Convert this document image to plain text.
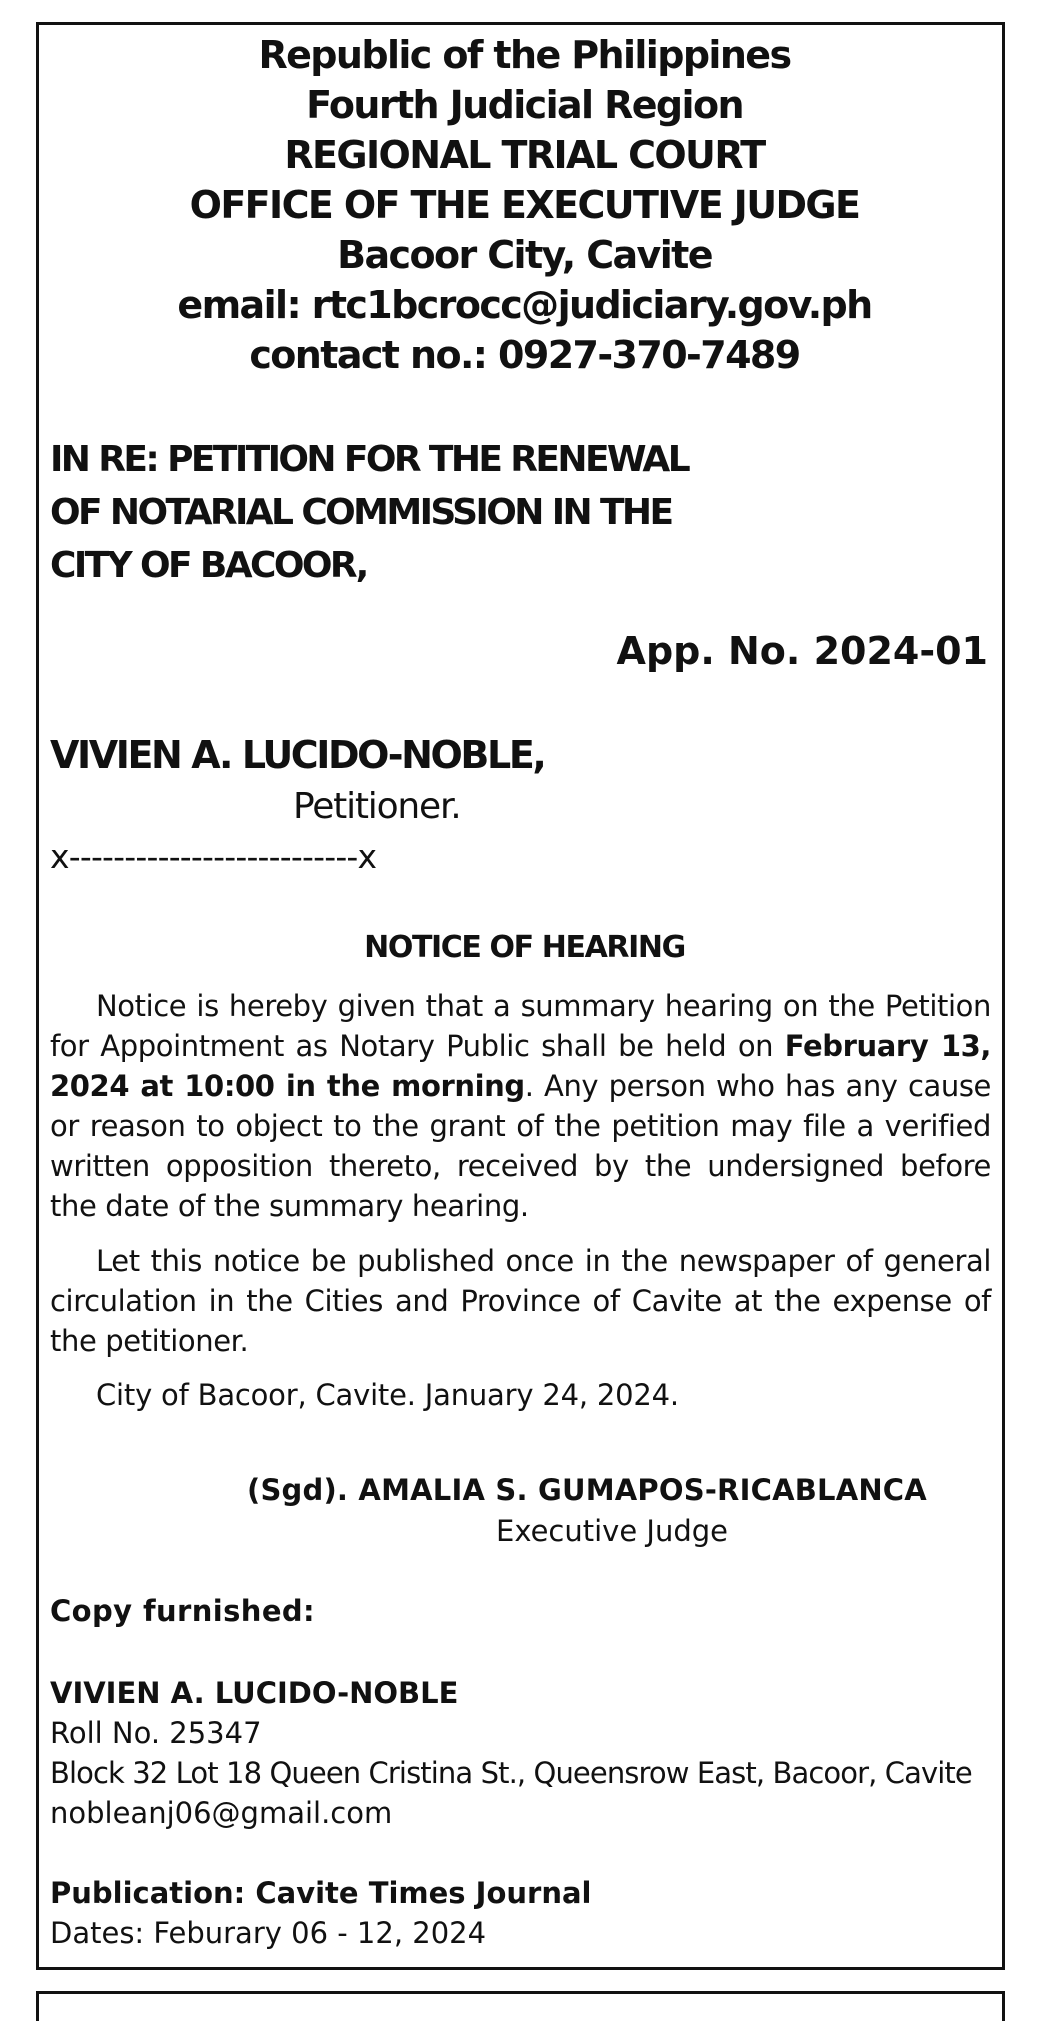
Republic of the Philippines
Fourth Judicial Region
REGIONAL TRIAL COURT
OFFICE OF THE EXECUTIVE JUDGE
Bacoor City, Cavite
email: rtc1bcrocc@judiciary.gov.ph
contact no.: 0927-370-7489
IN RE: PETITION FOR THE RENEWAL
OF NOTARIAL COMMISSION IN THE
CITY OF BACOOR,
App. No. 2024-01
VIVIEN A. LUCIDO-NOBLE,
Petitioner.
x--------------------------x
NOTICE OF HEARING
Notice is hereby given that a summary hearing on the Petition for Appointment as Notary Public shall be held on February 13, 2024 at 10:00 in the morning. Any person who has any cause or reason to object to the grant of the petition may file a verified written opposition thereto, received by the undersigned before the date of the summary hearing.
Let this notice be published once in the newspaper of general circulation in the Cities and Province of Cavite at the expense of the petitioner.
City of Bacoor, Cavite. January 24, 2024.
(Sgd). AMALIA S. GUMAPOS-RICABLANCA
Executive Judge
Copy furnished:
VIVIEN A. LUCIDO-NOBLE
Roll No. 25347
Block 32 Lot 18 Queen Cristina St., Queensrow East, Bacoor, Cavite
nobleanj06@gmail.com
Publication: Cavite Times Journal
Dates: Feburary 06 - 12, 2024
